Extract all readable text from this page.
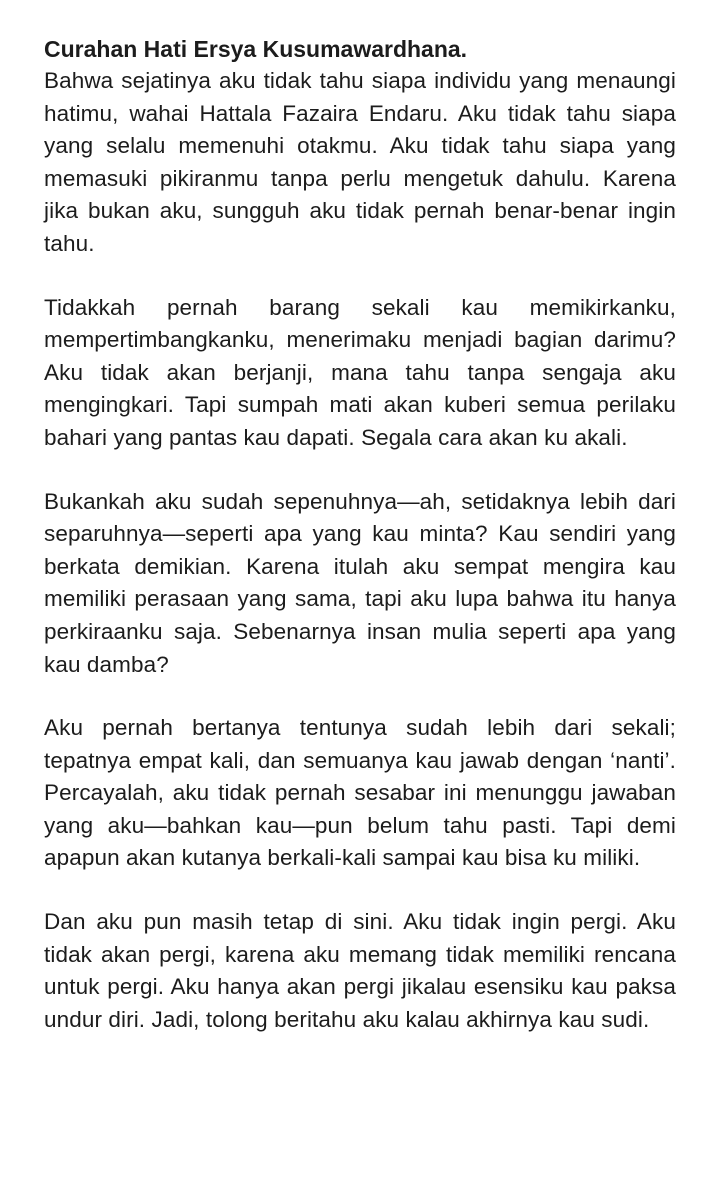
Curahan Hati Ersya Kusumawardhana.

Bahwa sejatinya aku tidak tahu siapa individu yang menaungi hatimu, wahai Hattala Fazaira Endaru. Aku tidak tahu siapa yang selalu memenuhi otakmu. Aku tidak tahu siapa yang memasuki pikiranmu tanpa perlu mengetuk dahulu. Karena jika bukan aku, sungguh aku tidak pernah benar-benar ingin tahu.

Tidakkah pernah barang sekali kau memikirkanku, mempertimbangkanku, menerimaku menjadi bagian darimu? Aku tidak akan berjanji, mana tahu tanpa sengaja aku mengingkari. Tapi sumpah mati akan kuberi semua perilaku bahari yang pantas kau dapati. Segala cara akan ku akali.

Bukankah aku sudah sepenuhnya—ah, setidaknya lebih dari separuhnya—seperti apa yang kau minta? Kau sendiri yang berkata demikian. Karena itulah aku sempat mengira kau memiliki perasaan yang sama, tapi aku lupa bahwa itu hanya perkiraanku saja. Sebenarnya insan mulia seperti apa yang kau damba?

Aku pernah bertanya tentunya sudah lebih dari sekali; tepatnya empat kali, dan semuanya kau jawab dengan ‘nanti’. Percayalah, aku tidak pernah sesabar ini menunggu jawaban yang aku—bahkan kau—pun belum tahu pasti. Tapi demi apapun akan kutanya berkali-kali sampai kau bisa ku miliki.

Dan aku pun masih tetap di sini. Aku tidak ingin pergi. Aku tidak akan pergi, karena aku memang tidak memiliki rencana untuk pergi. Aku hanya akan pergi jikalau esensiku kau paksa undur diri. Jadi, tolong beritahu aku kalau akhirnya kau sudi.
